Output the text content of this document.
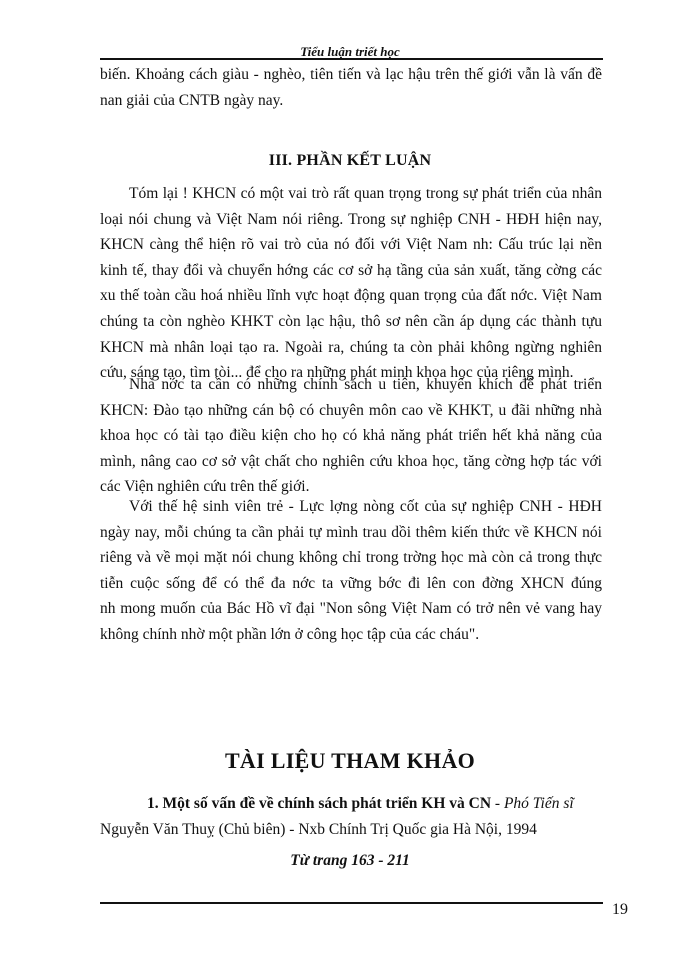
Tiểu luận triết học

biến. Khoảng cách giàu - nghèo, tiên tiến và lạc hậu trên thế giới vẫn là vấn đề
nan giải của CNTB ngày nay.

III. PHẦN KẾT LUẬN

Tóm lại ! KHCN có một vai trò rất quan trọng trong sự phát triển của nhân
loại nói chung và Việt Nam nói riêng. Trong sự nghiệp CNH - HĐH hiện nay,
KHCN càng thể hiện rõ vai trò của nó đối với Việt Nam nh: Cấu trúc lại nền
kinh tế, thay đổi và chuyển hớng các cơ sở hạ tầng của sản xuất, tăng cờng các
xu thế toàn cầu hoá nhiều lĩnh vực hoạt động quan trọng của đất nớc. Việt Nam
chúng ta còn nghèo KHKT còn lạc hậu, thô sơ nên cần áp dụng các thành tựu
KHCN mà nhân loại tạo ra. Ngoài ra, chúng ta còn phải không ngừng nghiên
cứu, sáng tạo, tìm tòi... để cho ra những phát minh khoa học của riêng mình.

Nhà nớc ta cần có những chính sách u tiên, khuyến khích để phát triển
KHCN: Đào tạo những cán bộ có chuyên môn cao về KHKT, u đãi những nhà
khoa học có tài tạo điều kiện cho họ có khả năng phát triển hết khả năng của
mình, nâng cao cơ sở vật chất cho nghiên cứu khoa học, tăng cờng hợp tác với
các Viện nghiên cứu trên thế giới.

Với thế hệ sinh viên trẻ - Lực lợng nòng cốt của sự nghiệp CNH - HĐH
ngày nay, mỗi chúng ta cần phải tự mình trau dồi thêm kiến thức về KHCN nói
riêng và về mọi mặt nói chung không chỉ trong trờng học mà còn cả trong thực
tiễn cuộc sống để có thể đa nớc ta vững bớc đi lên con đờng XHCN đúng
nh mong muốn của Bác Hồ vĩ đại "Non sông Việt Nam có trở nên vẻ vang hay
không chính nhờ một phần lớn ở công học tập của các cháu".

TÀI LIỆU THAM KHẢO
1. Một số vấn đề về chính sách phát triển KH và CN - Phó Tiến sĩ
Nguyễn Văn Thuỵ (Chủ biên) - Nxb Chính Trị Quốc gia Hà Nội, 1994
Từ trang 163 - 211
19
